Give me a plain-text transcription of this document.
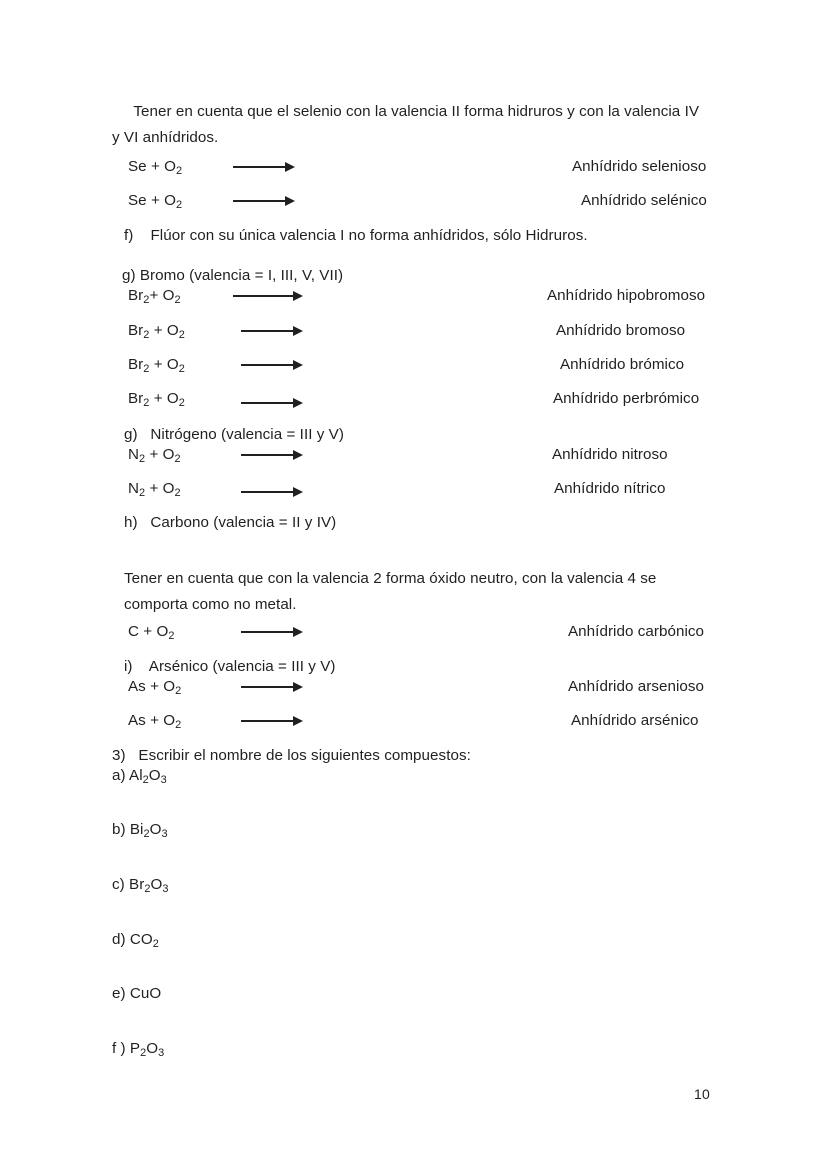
Tener en cuenta que el selenio con la valencia II forma hidruros y con la valencia IV
y VI anhídridos.
$Se + O_2$	Anhídrido selenioso
$Se + O_2$	Anhídrido selénico
f)    Flúor con su única valencia I no forma anhídridos, sólo Hidruros.
g) Bromo (valencia = I, III, V, VII)
$Br_2+ O_2$	Anhídrido hipobromoso
$Br_2 + O_2$	Anhídrido bromoso
$Br_2 + O_2$	Anhídrido brómico
$Br_2 + O_2$	Anhídrido perbrómico
g)   Nitrógeno (valencia = III y V)
$N_2 + O_2$	Anhídrido nitroso
$N_2 + O_2$	Anhídrido nítrico
h)   Carbono (valencia = II y IV)
Tener en cuenta que con la valencia 2 forma óxido neutro, con la valencia 4 se
comporta como no metal.
$C + O_2$	Anhídrido carbónico
i)    Arsénico (valencia = III y V)
$As + O_2$	Anhídrido arsenioso
$As + O_2$	Anhídrido arsénico
3)   Escribir el nombre de los siguientes compuestos:
a) $Al_2O_3$
b) $Bi_2O_3$
c) $Br_2O_3$
d) $CO_2$
e) CuO
f ) $P_2O_3$
10
